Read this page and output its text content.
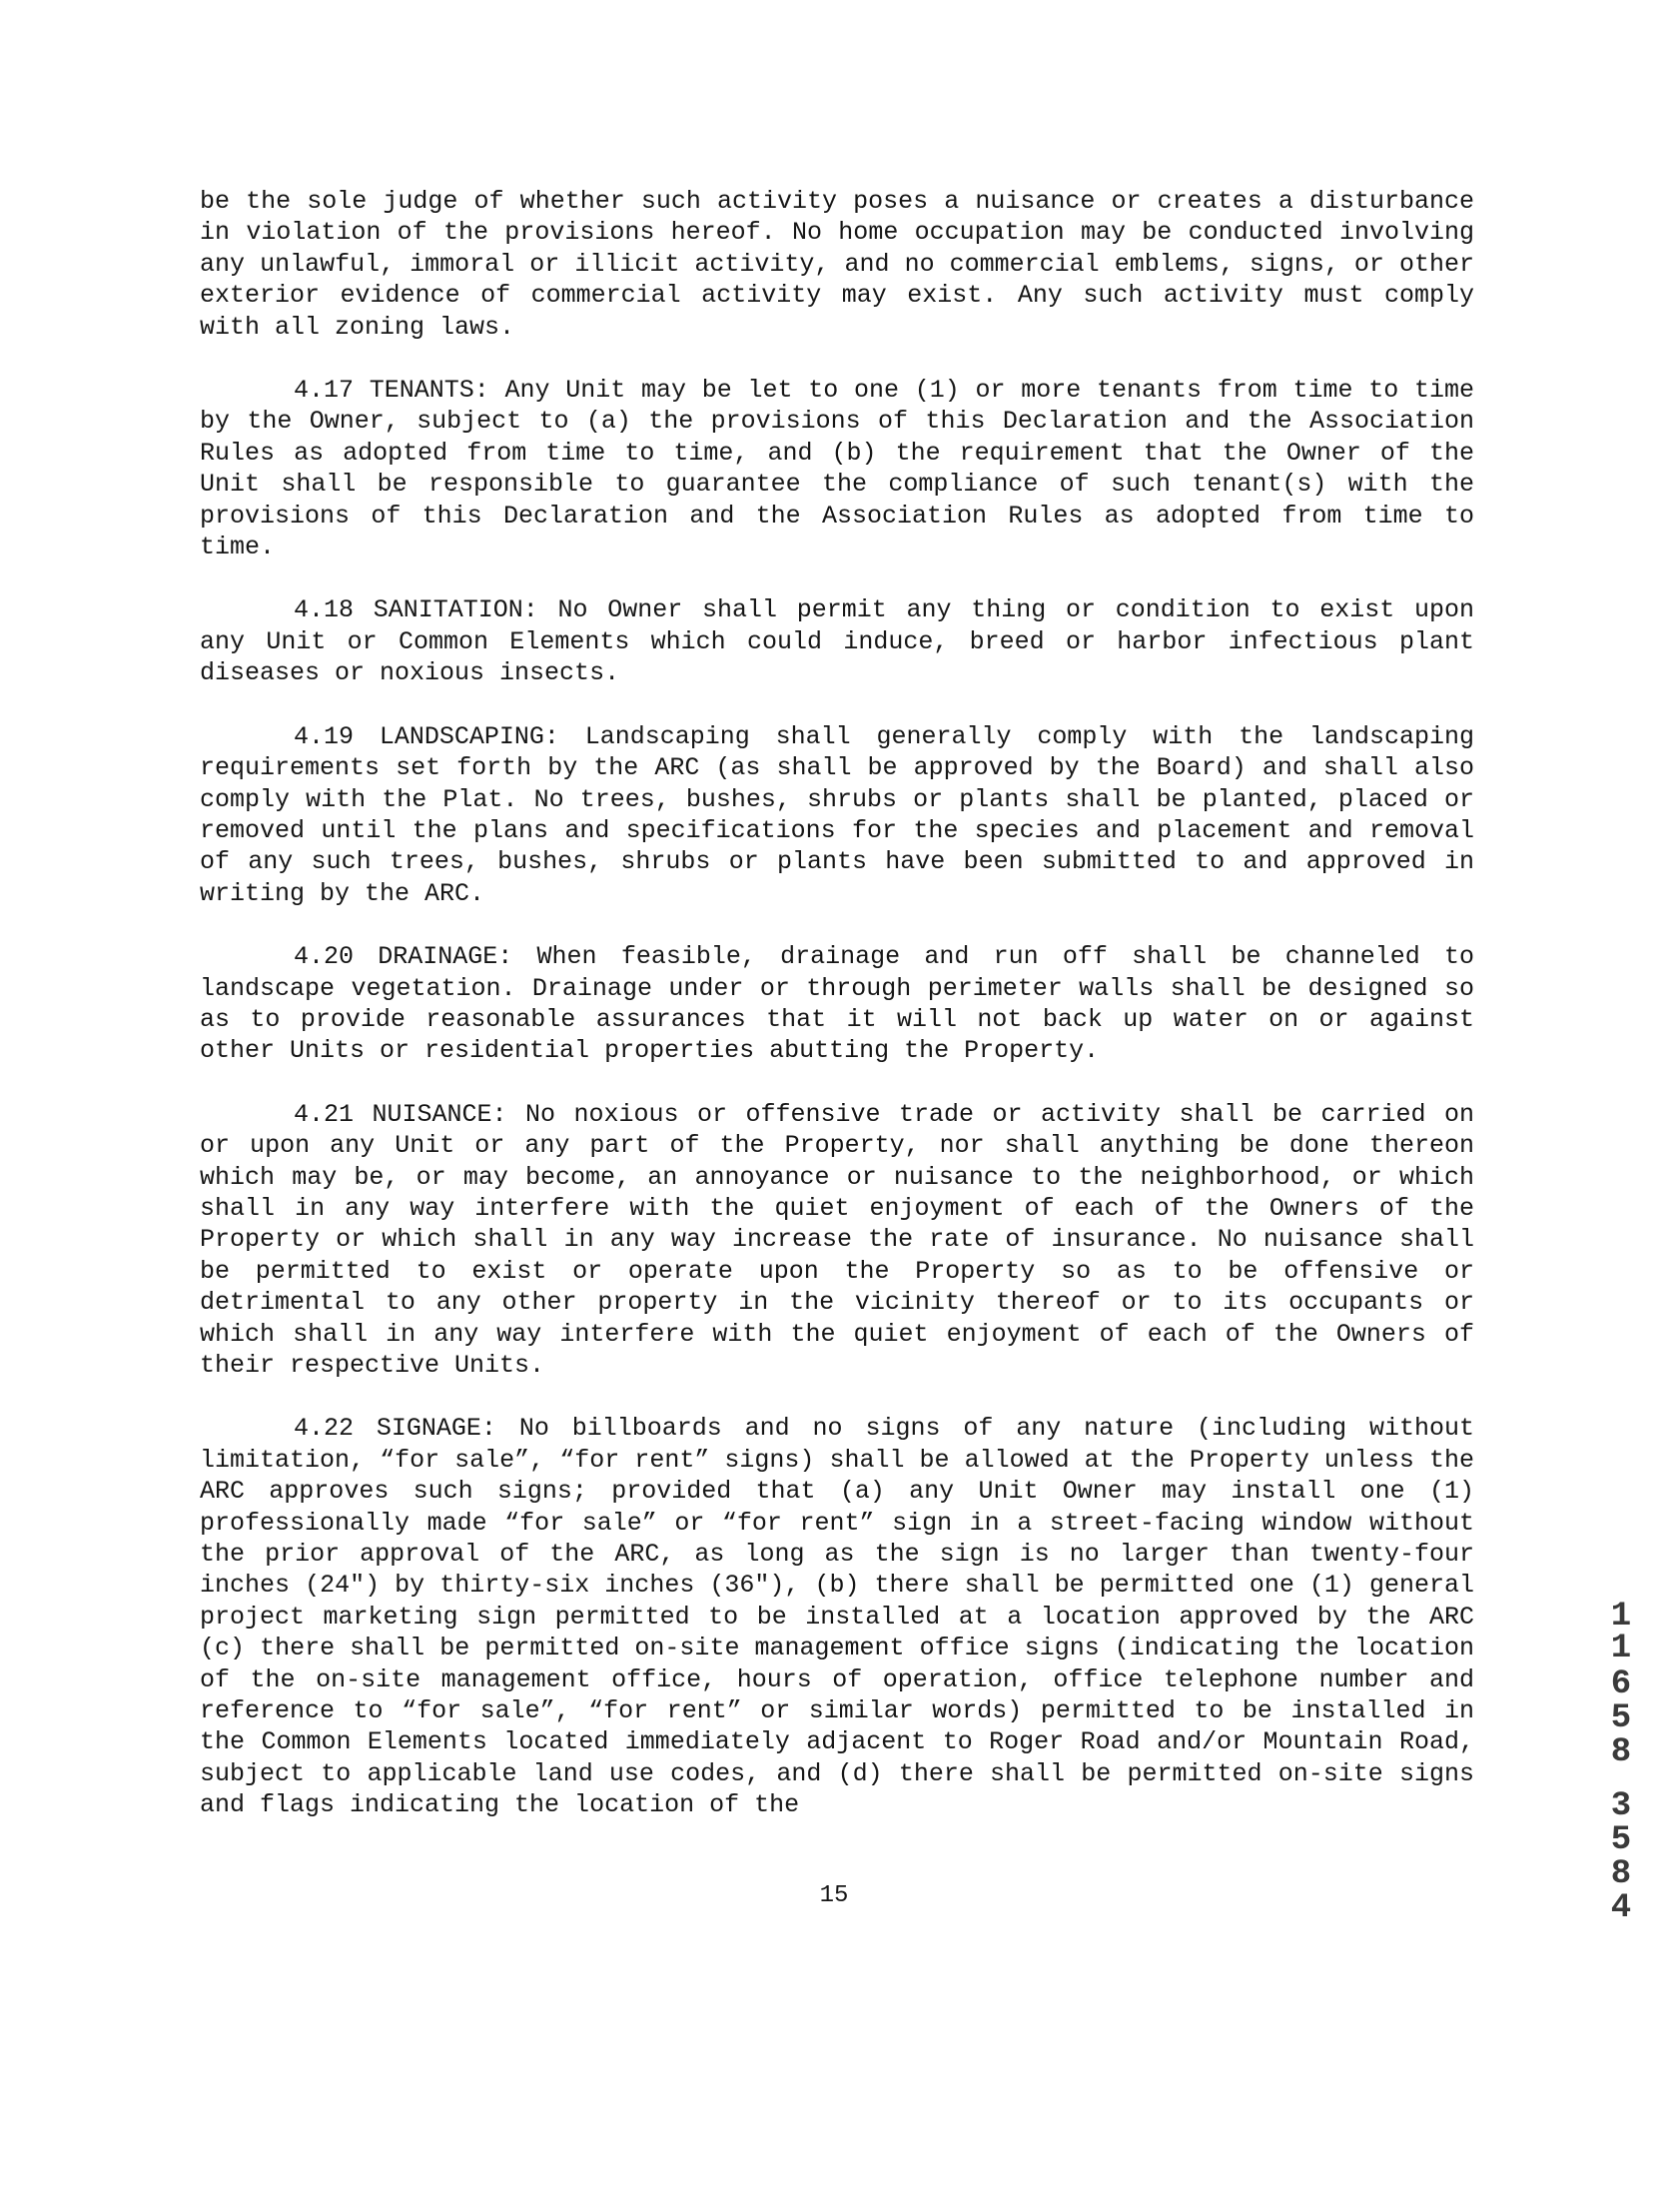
be the sole judge of whether such activity poses a nuisance or creates a disturbance in violation of the provisions hereof. No home occupation may be conducted involving any unlawful, immoral or illicit activity, and no commercial emblems, signs, or other exterior evidence of commercial activity may exist. Any such activity must comply with all zoning laws.

4.17 TENANTS: Any Unit may be let to one (1) or more tenants from time to time by the Owner, subject to (a) the provisions of this Declaration and the Association Rules as adopted from time to time, and (b) the requirement that the Owner of the Unit shall be responsible to guarantee the compliance of such tenant(s) with the provisions of this Declaration and the Association Rules as adopted from time to time.

4.18 SANITATION: No Owner shall permit any thing or condition to exist upon any Unit or Common Elements which could induce, breed or harbor infectious plant diseases or noxious insects.

4.19 LANDSCAPING: Landscaping shall generally comply with the landscaping requirements set forth by the ARC (as shall be approved by the Board) and shall also comply with the Plat. No trees, bushes, shrubs or plants shall be planted, placed or removed until the plans and specifications for the species and placement and removal of any such trees, bushes, shrubs or plants have been submitted to and approved in writing by the ARC.

4.20 DRAINAGE: When feasible, drainage and run off shall be channeled to landscape vegetation. Drainage under or through perimeter walls shall be designed so as to provide reasonable assurances that it will not back up water on or against other Units or residential properties abutting the Property.

4.21 NUISANCE: No noxious or offensive trade or activity shall be carried on or upon any Unit or any part of the Property, nor shall anything be done thereon which may be, or may become, an annoyance or nuisance to the neighborhood, or which shall in any way interfere with the quiet enjoyment of each of the Owners of the Property or which shall in any way increase the rate of insurance. No nuisance shall be permitted to exist or operate upon the Property so as to be offensive or detrimental to any other property in the vicinity thereof or to its occupants or which shall in any way interfere with the quiet enjoyment of each of the Owners of their respective Units.

4.22 SIGNAGE: No billboards and no signs of any nature (including without limitation, “for sale”, “for rent” signs) shall be allowed at the Property unless the ARC approves such signs; provided that (a) any Unit Owner may install one (1) professionally made “for sale” or “for rent” sign in a street-facing window without the prior approval of the ARC, as long as the sign is no larger than twenty-four inches (24") by thirty-six inches (36"), (b) there shall be permitted one (1) general project marketing sign permitted to be installed at a location approved by the ARC (c) there shall be permitted on-site management office signs (indicating the location of the on-site management office, hours of operation, office telephone number and reference to “for sale”, “for rent” or similar words) permitted to be installed in the Common Elements located immediately adjacent to Roger Road and/or Mountain Road, subject to applicable land use codes, and (d) there shall be permitted on-site signs and flags indicating the location of the

15
1
1
6
5
8
3
5
8
4
